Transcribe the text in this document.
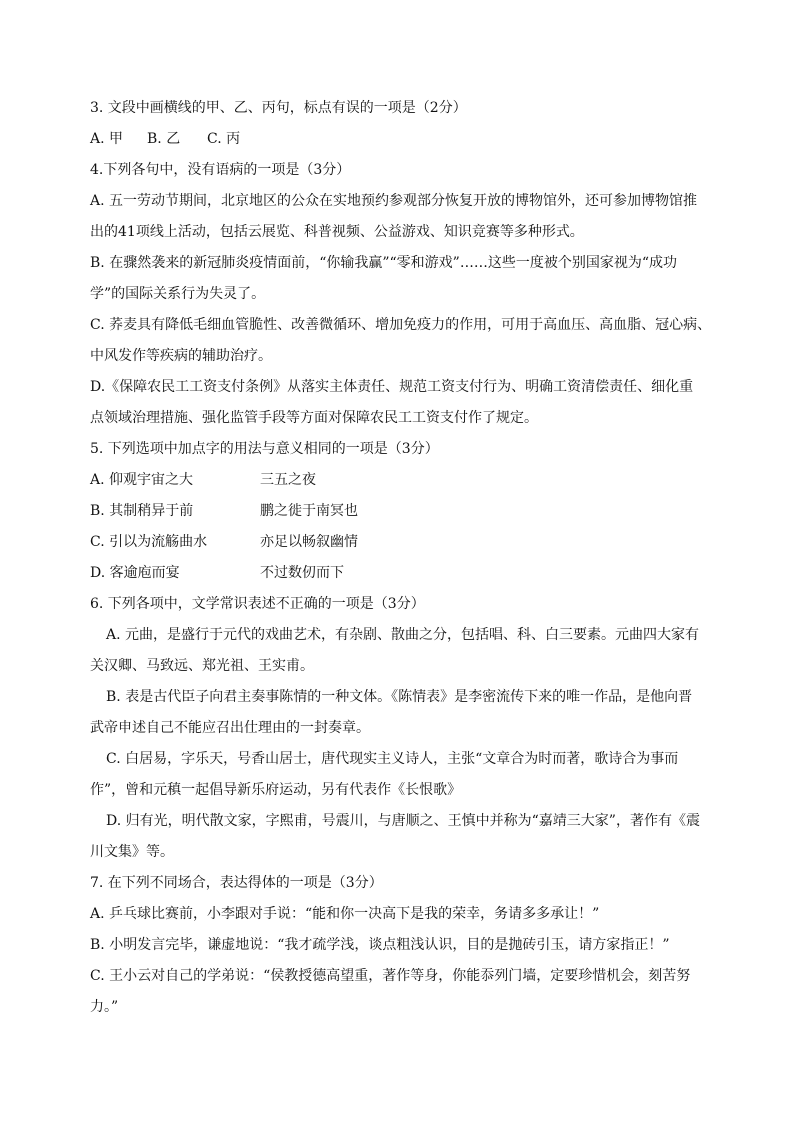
3. 文段中画横线的甲、乙、丙句，标点有误的一项是（2分）
A. 甲	B. 乙	C. 丙
4.下列各句中，没有语病的一项是（3分）
A. 五一劳动节期间，北京地区的公众在实地预约参观部分恢复开放的博物馆外，还可参加博物馆推
出的41项线上活动，包括云展览、科普视频、公益游戏、知识竞赛等多种形式。
B. 在骤然袭来的新冠肺炎疫情面前，“你输我赢”“零和游戏”……这些一度被个别国家视为“成功
学”的国际关系行为失灵了。
C. 荞麦具有降低毛细血管脆性、改善微循环、增加免疫力的作用，可用于高血压、高血脂、冠心病、
中风发作等疾病的辅助治疗。
D.《保障农民工工资支付条例》从落实主体责任、规范工资支付行为、明确工资清偿责任、细化重
点领域治理措施、强化监管手段等方面对保障农民工工资支付作了规定。
5. 下列选项中加点字的用法与意义相同的一项是（3分）
A. 仰观宇宙之大	三五之夜
B. 其制稍异于前	鹏之徙于南冥也
C. 引以为流觞曲水	亦足以畅叙幽情
D. 客逾庖而宴	不过数仞而下
6. 下列各项中，文学常识表述不正确的一项是（3分）
A. 元曲，是盛行于元代的戏曲艺术，有杂剧、散曲之分，包括唱、科、白三要素。元曲四大家有
关汉卿、马致远、郑光祖、王实甫。
B. 表是古代臣子向君主奏事陈情的一种文体。《陈情表》是李密流传下来的唯一作品，是他向晋
武帝申述自己不能应召出仕理由的一封奏章。
C. 白居易，字乐天，号香山居士，唐代现实主义诗人，主张“文章合为时而著，歌诗合为事而
作”，曾和元稹一起倡导新乐府运动，另有代表作《长恨歌》
D. 归有光，明代散文家，字熙甫，号震川，与唐顺之、王慎中并称为“嘉靖三大家”，著作有《震
川文集》等。
7. 在下列不同场合，表达得体的一项是（3分）
A. 乒乓球比赛前，小李跟对手说：“能和你一决高下是我的荣幸，务请多多承让！”
B. 小明发言完毕，谦虚地说：“我才疏学浅，谈点粗浅认识，目的是抛砖引玉，请方家指正！”
C. 王小云对自己的学弟说：“侯教授德高望重，著作等身，你能忝列门墙，定要珍惜机会，刻苦努
力。”
